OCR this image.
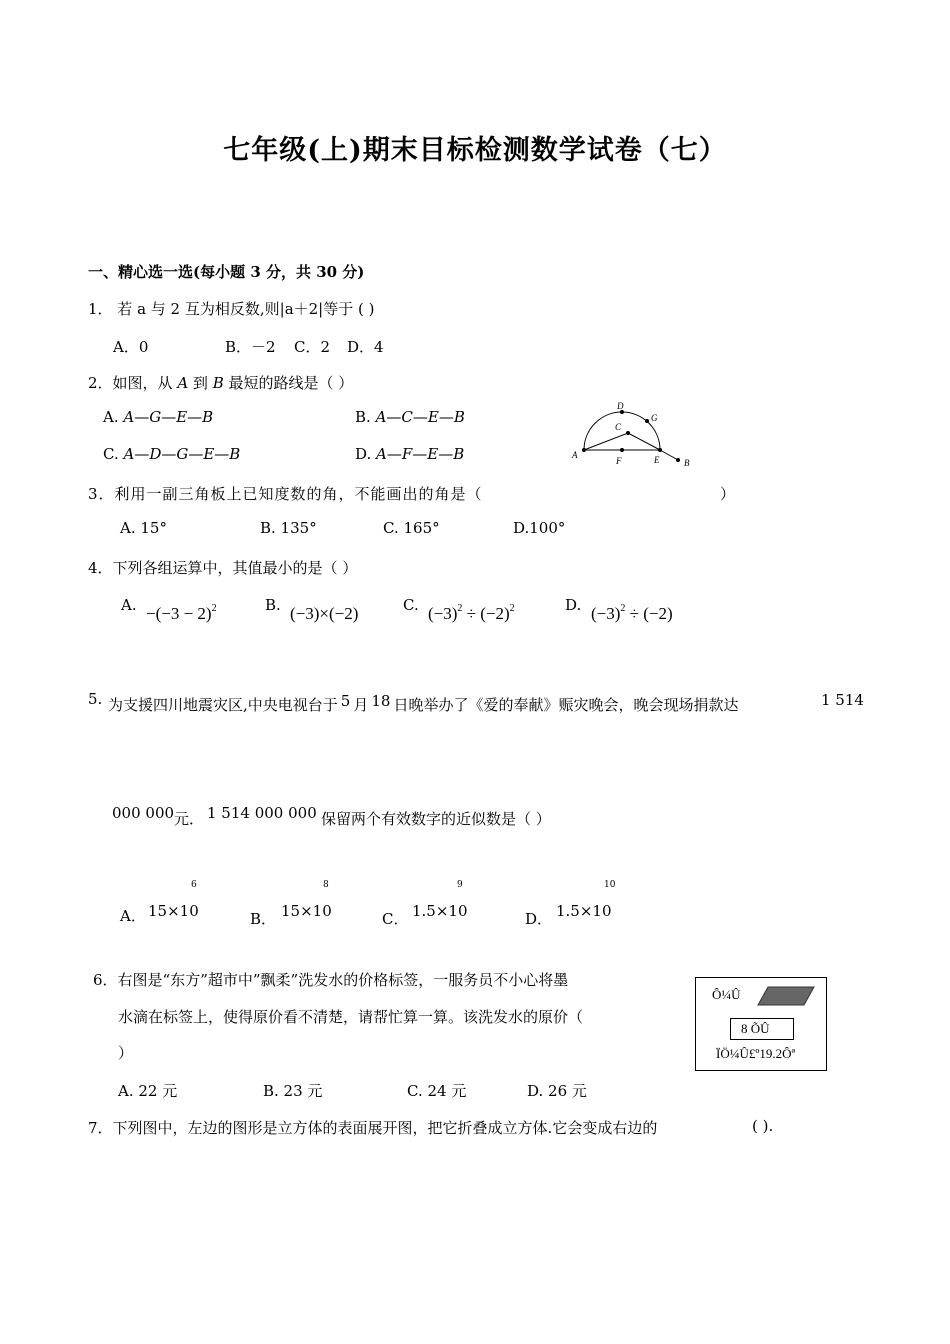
七年级(上)期末目标检测数学试卷（七）
一、精心选一选(每小题 3 分，共 30 分)
1． 若 a 与 2 互为相反数,则|a＋2|等于 ( )
A．0	B．－2 C．2 D．4
2．如图，从 A 到 B 最短的路线是（ ）
A. A—G—E—B	B. A—C—E—B
C. A—D—G—E—B	D. A—F—E—B	A
D
G
C
F	E	B
3．利用一副三角板上已知度数的角，不能画出的角是（	）
A. 15°	B. 135°	C. 165°	D.100°
4．下列各组运算中，其值最小的是（ ）
A. $-(-3 - 2)^2$	B. (−3)×(−2)	C. $(-3)^2 \div (-2)^2$	D. $(-3)^2 \div (-2)$
5. 为支援四川地震灾区,中央电视台于 5 月 18 日晚举办了《爱的奉献》赈灾晚会，晚会现场捐款达	1 514
000 000 元． 1 514 000 000 保留两个有效数字的近似数是（ ）
6	8	9	10
A． 15×10	B． 15×10	C． 1.5×10	D． 1.5×10
6．右图是“东方”超市中”飘柔”洗发水的价格标签，一服务员不小心将墨
水滴在标签上，使得原价看不清楚，请帮忙算一算。该洗发水的原价（
）
A. 22 元	B. 23 元	C. 24 元	D. 26 元
Ô¼Û
8 ÕÛ
ÏÖ¼Û£º19.2Ôª
7．下列图中，左边的图形是立方体的表面展开图，把它折叠成立方体.它会变成右边的	( ).
